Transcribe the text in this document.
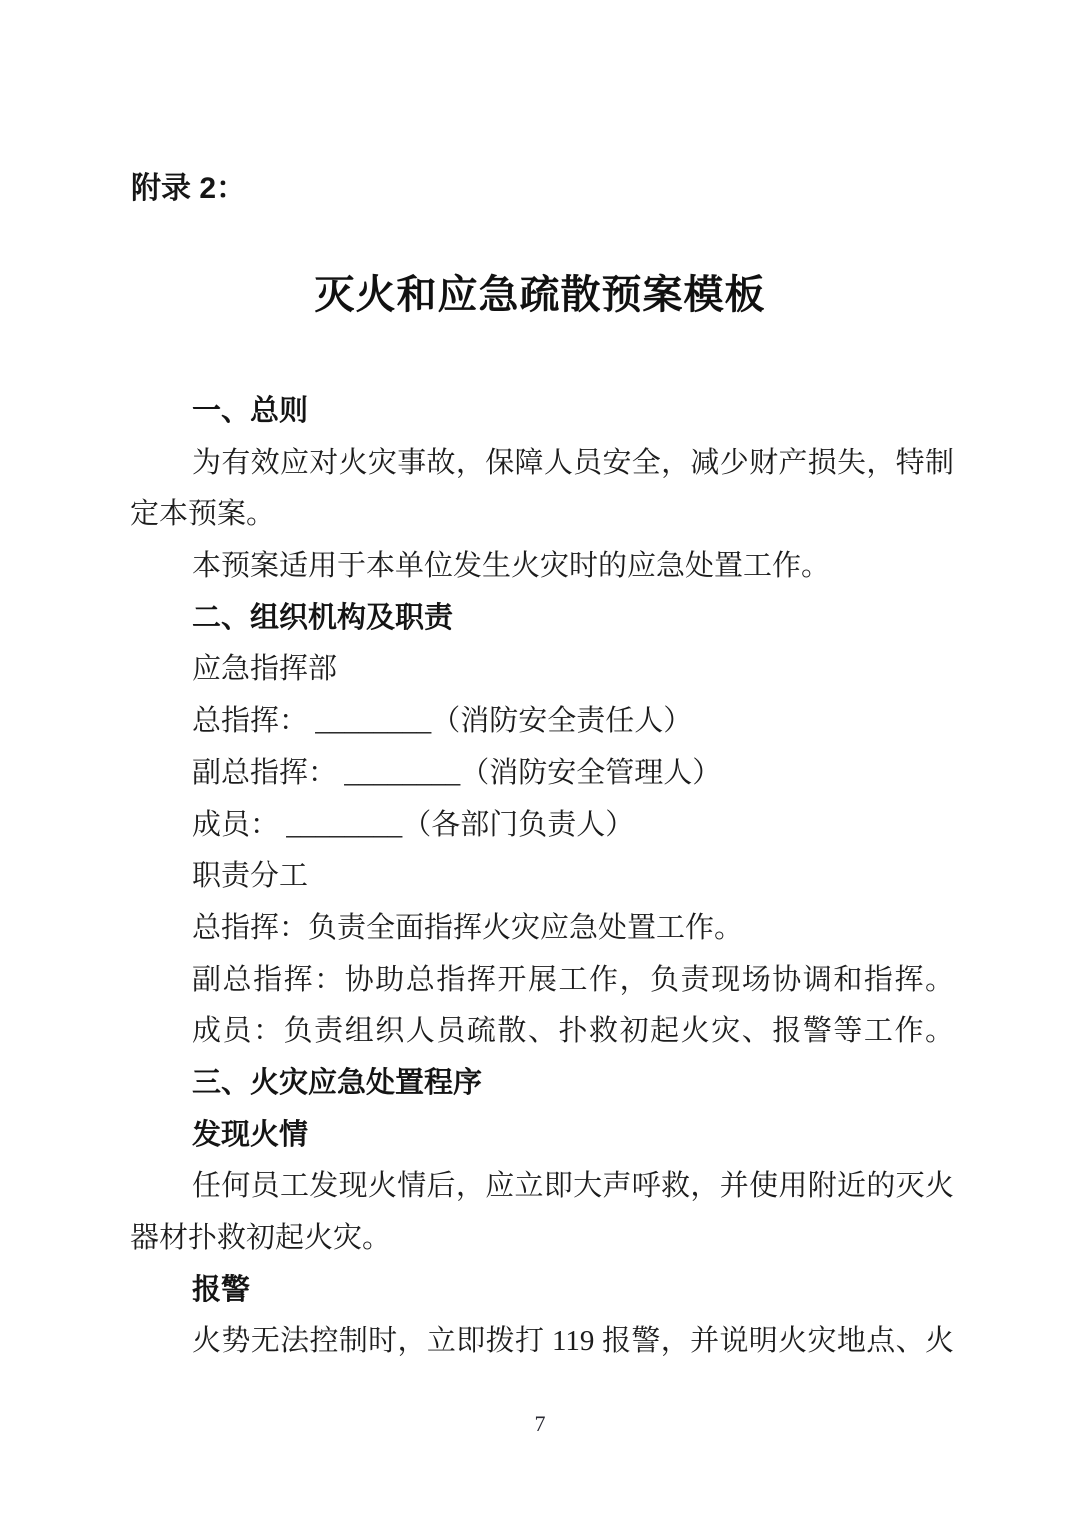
附录 2：
灭火和应急疏散预案模板
一、总则
为有效应对火灾事故，保障人员安全，减少财产损失，特制
定本预案。
本预案适用于本单位发生火灾时的应急处置工作。
二、组织机构及职责
应急指挥部
总指挥： ________（消防安全责任人）
副总指挥： ________（消防安全管理人）
成员： ________（各部门负责人）
职责分工
总指挥：负责全面指挥火灾应急处置工作。
副总指挥：协助总指挥开展工作，负责现场协调和指挥。
成员：负责组织人员疏散、扑救初起火灾、报警等工作。
三、火灾应急处置程序
发现火情
任何员工发现火情后，应立即大声呼救，并使用附近的灭火
器材扑救初起火灾。
报警
火势无法控制时，立即拨打 119 报警，并说明火灾地点、火
7
